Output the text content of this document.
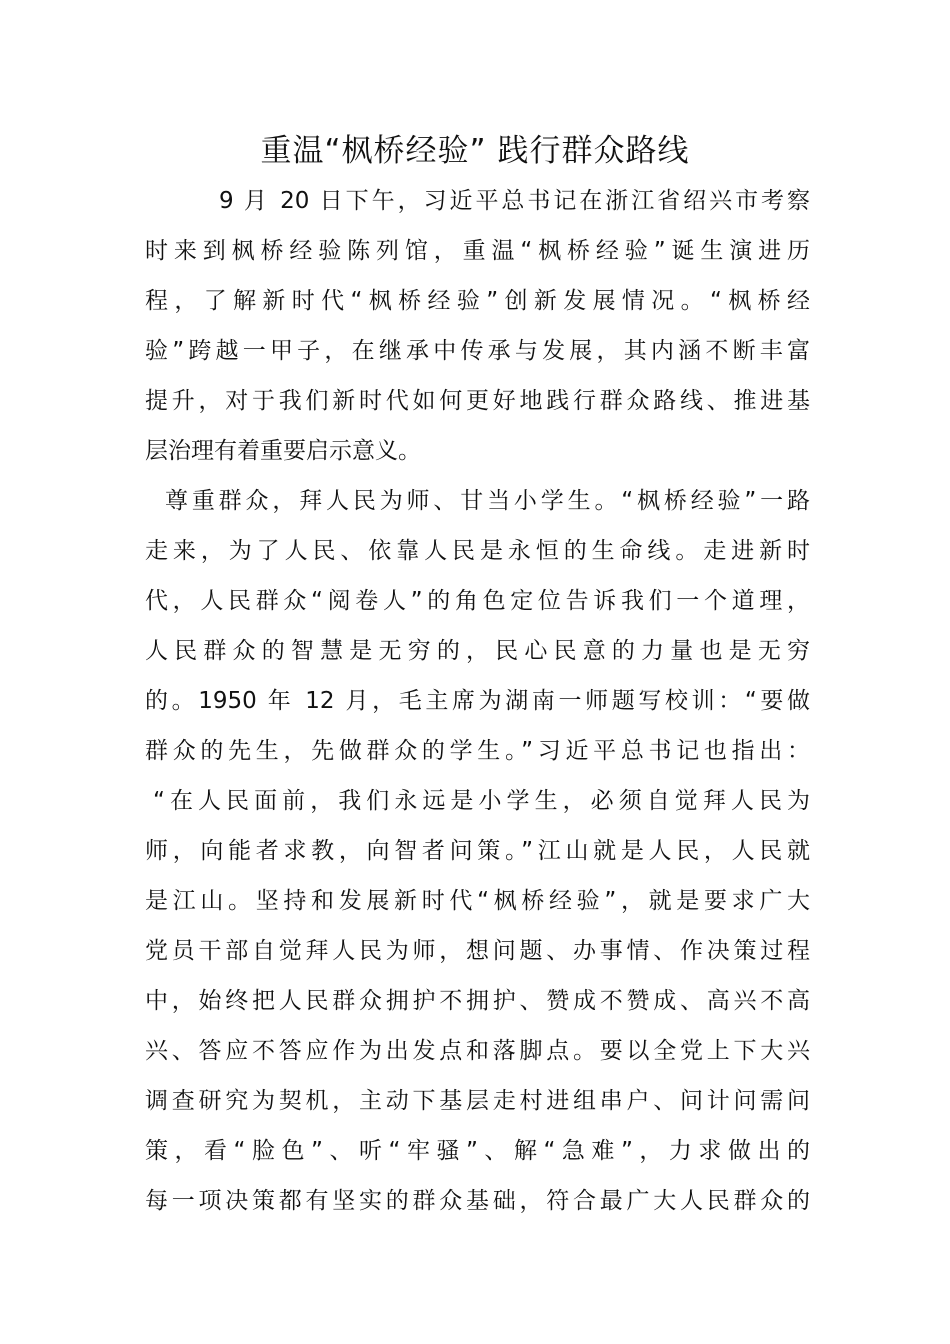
重温“枫桥经验” 践行群众路线
9 月 20 日下午，习近平总书记在浙江省绍兴市考察
时来到枫桥经验陈列馆，重温“枫桥经验”诞生演进历
程，了解新时代“枫桥经验”创新发展情况。“枫桥经
验”跨越一甲子，在继承中传承与发展，其内涵不断丰富
提升，对于我们新时代如何更好地践行群众路线、推进基
层治理有着重要启示意义。
尊重群众，拜人民为师、甘当小学生。“枫桥经验”一路
走来，为了人民、依靠人民是永恒的生命线。走进新时
代，人民群众“阅卷人”的角色定位告诉我们一个道理，
人民群众的智慧是无穷的，民心民意的力量也是无穷
的。1950 年 12 月，毛主席为湖南一师题写校训：“要做
群众的先生，先做群众的学生。”习近平总书记也指出：
“在人民面前，我们永远是小学生，必须自觉拜人民为
师，向能者求教，向智者问策。”江山就是人民，人民就
是江山。坚持和发展新时代“枫桥经验”，就是要求广大
党员干部自觉拜人民为师，想问题、办事情、作决策过程
中，始终把人民群众拥护不拥护、赞成不赞成、高兴不高
兴、答应不答应作为出发点和落脚点。要以全党上下大兴
调查研究为契机，主动下基层走村进组串户、问计问需问
策，看“脸色”、听“牢骚”、解“急难”，力求做出的
每一项决策都有坚实的群众基础，符合最广大人民群众的
